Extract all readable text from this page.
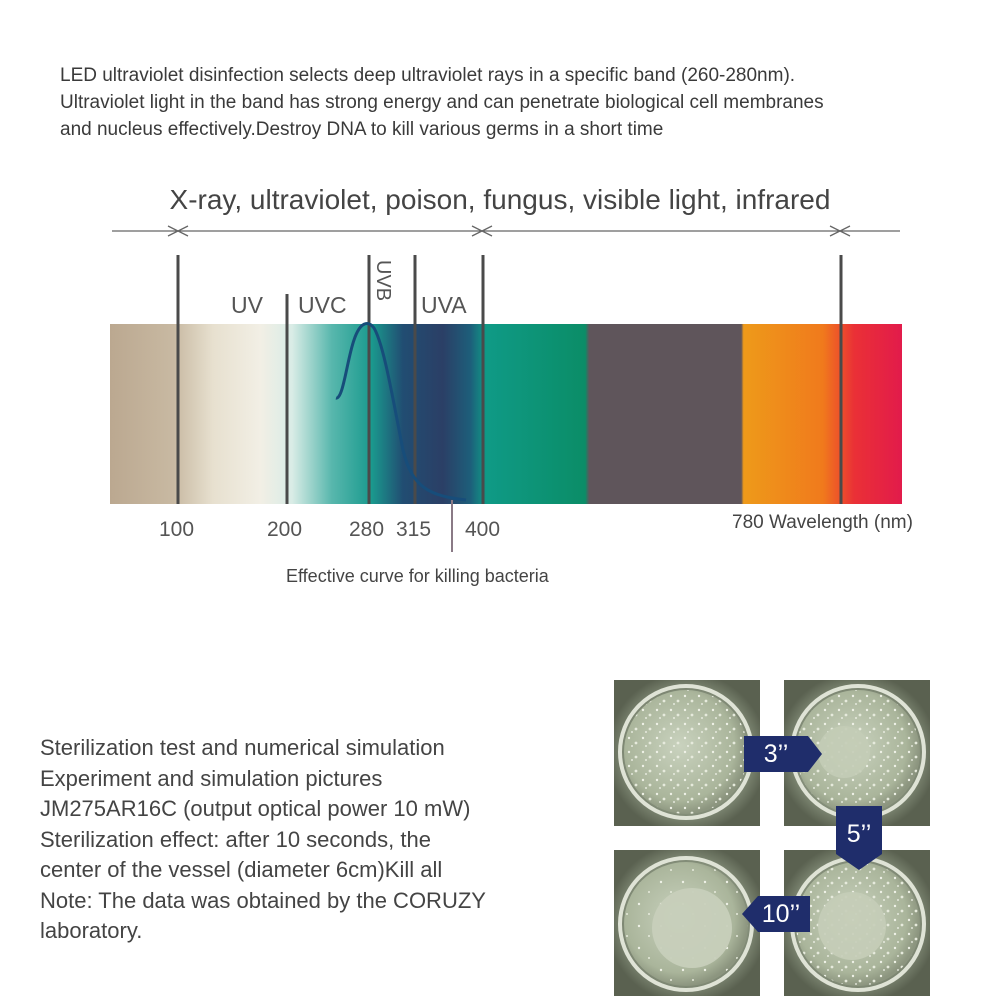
LED ultraviolet disinfection selects deep ultraviolet rays in a specific band (260-280nm).
Ultraviolet light in the band has strong energy and can penetrate biological cell membranes
and nucleus effectively.Destroy DNA to kill various germs in a short time
X-ray, ultraviolet, poison, fungus, visible light, infrared
UV UVC
UVB
UVA
100	200 280 315 400	780 Wavelength (nm)
Effective curve for killing bacteria
Sterilization test and numerical simulation
Experiment and simulation pictures
JM275AR16C (output optical power 10 mW)
Sterilization effect: after 10 seconds, the
center of the vessel (diameter 6cm)Kill all
Note: The data was obtained by the CORUZY
laboratory.
3’’
5’’
10’’
